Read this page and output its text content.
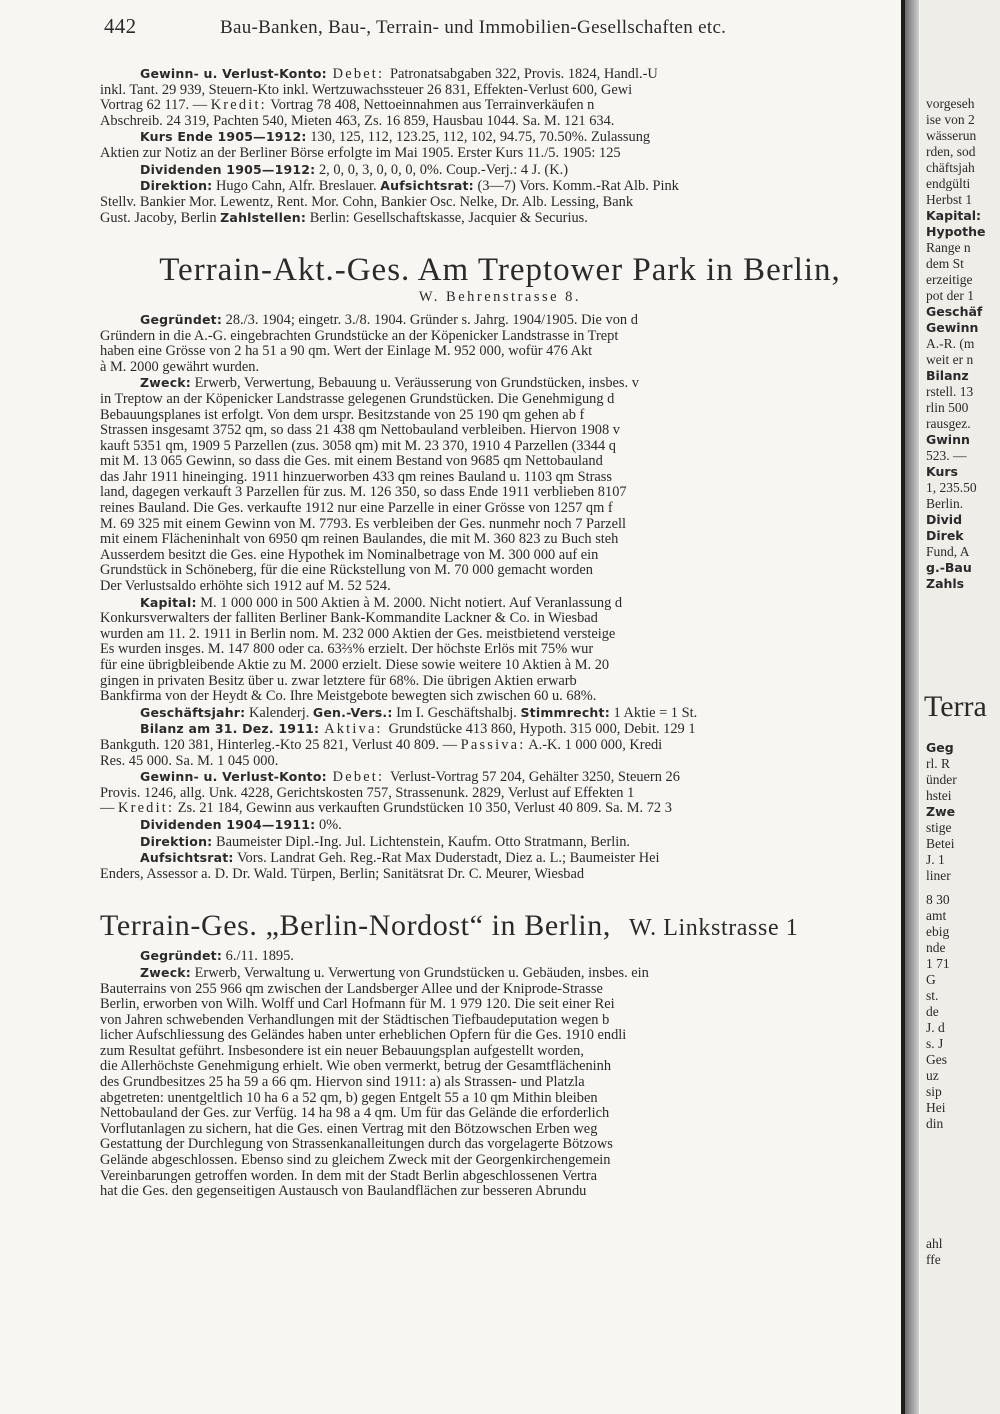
442	Bau-Banken, Bau-, Terrain- und Immobilien-Gesellschaften etc.

Gewinn- u. Verlust-Konto: Debet: Patronatsabgaben 322, Provis. 1824, Handl.-U

inkl. Tant. 29 939, Steuern-Kto inkl. Wertzuwachssteuer 26 831, Effekten-Verlust 600, Gewi

Vortrag 62 117. — Kredit: Vortrag 78 408, Nettoeinnahmen aus Terrainverkäufen n

Abschreib. 24 319, Pachten 540, Mieten 463, Zs. 16 859, Hausbau 1044. Sa. M. 121 634.

Kurs Ende 1905—1912: 130, 125, 112, 123.25, 112, 102, 94.75, 70.50%. Zulassung

Aktien zur Notiz an der Berliner Börse erfolgte im Mai 1905. Erster Kurs 11./5. 1905: 125

Dividenden 1905—1912: 2, 0, 0, 3, 0, 0, 0, 0%. Coup.-Verj.: 4 J. (K.)

Direktion: Hugo Cahn, Alfr. Breslauer. Aufsichtsrat: (3—7) Vors. Komm.-Rat Alb. Pink

Stellv. Bankier Mor. Lewentz, Rent. Mor. Cohn, Bankier Osc. Nelke, Dr. Alb. Lessing, Bank

Gust. Jacoby, Berlin Zahlstellen: Berlin: Gesellschaftskasse, Jacquier & Securius.

Terrain-Akt.-Ges. Am Treptower Park in Berlin,
W. Behrenstrasse 8.

Gegründet: 28./3. 1904; eingetr. 3./8. 1904. Gründer s. Jahrg. 1904/1905. Die von d

Gründern in die A.-G. eingebrachten Grundstücke an der Köpenicker Landstrasse in Trept

haben eine Grösse von 2 ha 51 a 90 qm. Wert der Einlage M. 952 000, wofür 476 Akt

à M. 2000 gewährt wurden.

Zweck: Erwerb, Verwertung, Bebauung u. Veräusserung von Grundstücken, insbes. v

in Treptow an der Köpenicker Landstrasse gelegenen Grundstücken. Die Genehmigung d

Bebauungsplanes ist erfolgt. Von dem urspr. Besitzstande von 25 190 qm gehen ab f

Strassen insgesamt 3752 qm, so dass 21 438 qm Nettobauland verbleiben. Hiervon 1908 v

kauft 5351 qm, 1909 5 Parzellen (zus. 3058 qm) mit M. 23 370, 1910 4 Parzellen (3344 q

mit M. 13 065 Gewinn, so dass die Ges. mit einem Bestand von 9685 qm Nettobauland

das Jahr 1911 hineinging. 1911 hinzuerworben 433 qm reines Bauland u. 1103 qm Strass

land, dagegen verkauft 3 Parzellen für zus. M. 126 350, so dass Ende 1911 verblieben 8107

reines Bauland. Die Ges. verkaufte 1912 nur eine Parzelle in einer Grösse von 1257 qm f

M. 69 325 mit einem Gewinn von M. 7793. Es verbleiben der Ges. nunmehr noch 7 Parzell

mit einem Flächeninhalt von 6950 qm reinen Baulandes, die mit M. 360 823 zu Buch steh

Ausserdem besitzt die Ges. eine Hypothek im Nominalbetrage von M. 300 000 auf ein

Grundstück in Schöneberg, für die eine Rückstellung von M. 70 000 gemacht worden

Der Verlustsaldo erhöhte sich 1912 auf M. 52 524.

Kapital: M. 1 000 000 in 500 Aktien à M. 2000. Nicht notiert. Auf Veranlassung d

Konkursverwalters der falliten Berliner Bank-Kommandite Lackner & Co. in Wiesbad

wurden am 11. 2. 1911 in Berlin nom. M. 232 000 Aktien der Ges. meistbietend versteige

Es wurden insges. M. 147 800 oder ca. 63⅔% erzielt. Der höchste Erlös mit 75% wur

für eine übrigbleibende Aktie zu M. 2000 erzielt. Diese sowie weitere 10 Aktien à M. 20

gingen in privaten Besitz über u. zwar letztere für 68%. Die übrigen Aktien erwarb

Bankfirma von der Heydt & Co. Ihre Meistgebote bewegten sich zwischen 60 u. 68%.

Geschäftsjahr: Kalenderj. Gen.-Vers.: Im I. Geschäftshalbj. Stimmrecht: 1 Aktie = 1 St.

Bilanz am 31. Dez. 1911: Aktiva: Grundstücke 413 860, Hypoth. 315 000, Debit. 129 1

Bankguth. 120 381, Hinterleg.-Kto 25 821, Verlust 40 809. — Passiva: A.-K. 1 000 000, Kredi

Res. 45 000. Sa. M. 1 045 000.

Gewinn- u. Verlust-Konto: Debet: Verlust-Vortrag 57 204, Gehälter 3250, Steuern 26

Provis. 1246, allg. Unk. 4228, Gerichtskosten 757, Strassenunk. 2829, Verlust auf Effekten 1

— Kredit: Zs. 21 184, Gewinn aus verkauften Grundstücken 10 350, Verlust 40 809. Sa. M. 72 3

Dividenden 1904—1911: 0%.

Direktion: Baumeister Dipl.-Ing. Jul. Lichtenstein, Kaufm. Otto Stratmann, Berlin.

Aufsichtsrat: Vors. Landrat Geh. Reg.-Rat Max Duderstadt, Diez a. L.; Baumeister Hei

Enders, Assessor a. D. Dr. Wald. Türpen, Berlin; Sanitätsrat Dr. C. Meurer, Wiesbad

Terrain-Ges. „Berlin-Nordost“ in Berlin, W. Linkstrasse 1

Gegründet: 6./11. 1895.

Zweck: Erwerb, Verwaltung u. Verwertung von Grundstücken u. Gebäuden, insbes. ein

Bauterrains von 255 966 qm zwischen der Landsberger Allee und der Kniprode-Strasse

Berlin, erworben von Wilh. Wolff und Carl Hofmann für M. 1 979 120. Die seit einer Rei

von Jahren schwebenden Verhandlungen mit der Städtischen Tiefbaudeputation wegen b

licher Aufschliessung des Geländes haben unter erheblichen Opfern für die Ges. 1910 endli

zum Resultat geführt. Insbesondere ist ein neuer Bebauungsplan aufgestellt worden,

die Allerhöchste Genehmigung erhielt. Wie oben vermerkt, betrug der Gesamtflächeninh

des Grundbesitzes 25 ha 59 a 66 qm. Hiervon sind 1911: a) als Strassen- und Platzla

abgetreten: unentgeltlich 10 ha 6 a 52 qm, b) gegen Entgelt 55 a 10 qm Mithin bleiben

Nettobauland der Ges. zur Verfüg. 14 ha 98 a 4 qm. Um für das Gelände die erforderlich

Vorflutanlagen zu sichern, hat die Ges. einen Vertrag mit den Bötzowschen Erben weg

Gestattung der Durchlegung von Strassenkanalleitungen durch das vorgelagerte Bötzows

Gelände abgeschlossen. Ebenso sind zu gleichem Zweck mit der Georgenkirchengemein

Vereinbarungen getroffen worden. In dem mit der Stadt Berlin abgeschlossenen Vertra

hat die Ges. den gegenseitigen Austausch von Baulandflächen zur besseren Abrundu

vorgeseh
ise von 2
wässerun
rden, sod
chäftsjah
endgülti
Herbst 1
Kapital:
Hypothe
Range n
dem St
erzeitige
pot der 1
Geschäf
Gewinn
A.-R. (m
weit er n
Bilanz
rstell. 13
rlin 500
rausgez.
Gwinn
523. —
Kurs
1, 235.50
Berlin.
Divid
Direk
Fund, A
g.-Bau
Zahls
Terra
Geg
rl. R
ünder
hstei
Zwe
stige
Betei
J. 1
liner
8 30
amt
ebig
nde
1 71
G
st.
de
J. d
s. J
Ges
uz
sip
Hei
din
ahl
ffe
